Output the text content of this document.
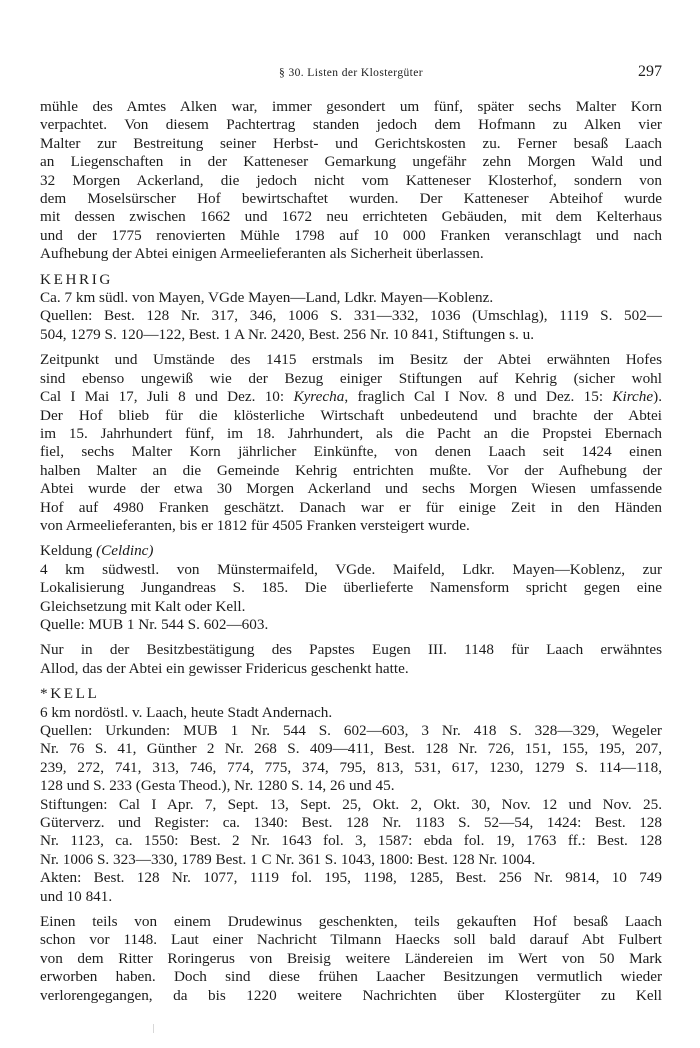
§ 30. Listen der Klostergüter	297
mühle des Amtes Alken war, immer gesondert um fünf, später sechs Malter Korn
verpachtet. Von diesem Pachtertrag standen jedoch dem Hofmann zu Alken vier
Malter zur Bestreitung seiner Herbst- und Gerichtskosten zu. Ferner besaß Laach
an Liegenschaften in der Katteneser Gemarkung ungefähr zehn Morgen Wald und
32 Morgen Ackerland, die jedoch nicht vom Katteneser Klosterhof, sondern von
dem Moselsürscher Hof bewirtschaftet wurden. Der Katteneser Abteihof wurde
mit dessen zwischen 1662 und 1672 neu errichteten Gebäuden, mit dem Kelterhaus
und der 1775 renovierten Mühle 1798 auf 10 000 Franken veranschlagt und nach
Aufhebung der Abtei einigen Armeelieferanten als Sicherheit überlassen.
KEHRIG
Ca. 7 km südl. von Mayen, VGde Mayen—Land, Ldkr. Mayen—Koblenz.
Quellen: Best. 128 Nr. 317, 346, 1006 S. 331—332, 1036 (Umschlag), 1119 S. 502—
504, 1279 S. 120—122, Best. 1 A Nr. 2420, Best. 256 Nr. 10 841, Stiftungen s. u.
Zeitpunkt und Umstände des 1415 erstmals im Besitz der Abtei erwähnten Hofes
sind ebenso ungewiß wie der Bezug einiger Stiftungen auf Kehrig (sicher wohl
Cal I Mai 17, Juli 8 und Dez. 10: Kyrecha, fraglich Cal I Nov. 8 und Dez. 15: Kirche).
Der Hof blieb für die klösterliche Wirtschaft unbedeutend und brachte der Abtei
im 15. Jahrhundert fünf, im 18. Jahrhundert, als die Pacht an die Propstei Ebernach
fiel, sechs Malter Korn jährlicher Einkünfte, von denen Laach seit 1424 einen
halben Malter an die Gemeinde Kehrig entrichten mußte. Vor der Aufhebung der
Abtei wurde der etwa 30 Morgen Ackerland und sechs Morgen Wiesen umfassende
Hof auf 4980 Franken geschätzt. Danach war er für einige Zeit in den Händen
von Armeelieferanten, bis er 1812 für 4505 Franken versteigert wurde.
Keldung (Celdinc)
4 km südwestl. von Münstermaifeld, VGde. Maifeld, Ldkr. Mayen—Koblenz, zur
Lokalisierung Jungandreas S. 185. Die überlieferte Namensform spricht gegen eine
Gleichsetzung mit Kalt oder Kell.
Quelle: MUB 1 Nr. 544 S. 602—603.
Nur in der Besitzbestätigung des Papstes Eugen III. 1148 für Laach erwähntes
Allod, das der Abtei ein gewisser Fridericus geschenkt hatte.
*KELL
6 km nordöstl. v. Laach, heute Stadt Andernach.
Quellen: Urkunden: MUB 1 Nr. 544 S. 602—603, 3 Nr. 418 S. 328—329, Wegeler
Nr. 76 S. 41, Günther 2 Nr. 268 S. 409—411, Best. 128 Nr. 726, 151, 155, 195, 207,
239, 272, 741, 313, 746, 774, 775, 374, 795, 813, 531, 617, 1230, 1279 S. 114—118,
128 und S. 233 (Gesta Theod.), Nr. 1280 S. 14, 26 und 45.
Stiftungen: Cal I Apr. 7, Sept. 13, Sept. 25, Okt. 2, Okt. 30, Nov. 12 und Nov. 25.
Güterverz. und Register: ca. 1340: Best. 128 Nr. 1183 S. 52—54, 1424: Best. 128
Nr. 1123, ca. 1550: Best. 2 Nr. 1643 fol. 3, 1587: ebda fol. 19, 1763 ff.: Best. 128
Nr. 1006 S. 323—330, 1789 Best. 1 C Nr. 361 S. 1043, 1800: Best. 128 Nr. 1004.
Akten: Best. 128 Nr. 1077, 1119 fol. 195, 1198, 1285, Best. 256 Nr. 9814, 10 749
und 10 841.
Einen teils von einem Drudewinus geschenkten, teils gekauften Hof besaß Laach
schon vor 1148. Laut einer Nachricht Tilmann Haecks soll bald darauf Abt Fulbert
von dem Ritter Roringerus von Breisig weitere Ländereien im Wert von 50 Mark
erworben haben. Doch sind diese frühen Laacher Besitzungen vermutlich wieder
verlorengegangen, da bis 1220 weitere Nachrichten über Klostergüter zu Kell
